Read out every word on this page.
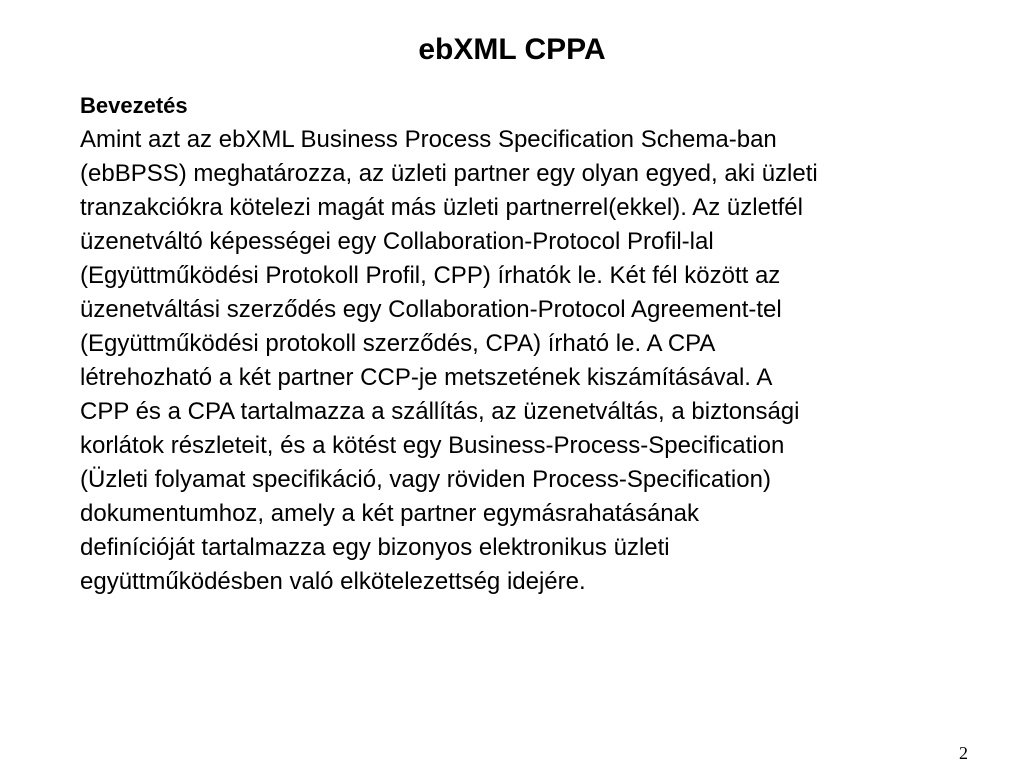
ebXML CPPA
Bevezetés
Amint azt az ebXML Business Process Specification Schema-ban
(ebBPSS) meghatározza, az üzleti partner egy olyan egyed, aki üzleti
tranzakciókra kötelezi magát más üzleti partnerrel(ekkel). Az üzletfél
üzenetváltó képességei egy Collaboration-Protocol Profil-lal
(Együttműködési Protokoll Profil, CPP) írhatók le. Két fél között az
üzenetváltási szerződés egy Collaboration-Protocol Agreement-tel
(Együttműködési protokoll szerződés, CPA) írható le. A CPA
létrehozható a két partner CCP-je metszetének kiszámításával. A
CPP és a CPA tartalmazza a szállítás, az üzenetváltás, a biztonsági
korlátok részleteit, és a kötést egy Business-Process-Specification
(Üzleti folyamat specifikáció, vagy röviden Process-Specification)
dokumentumhoz, amely a két partner egymásrahatásának
definícióját tartalmazza egy bizonyos elektronikus üzleti
együttműködésben való elkötelezettség idejére.
2
